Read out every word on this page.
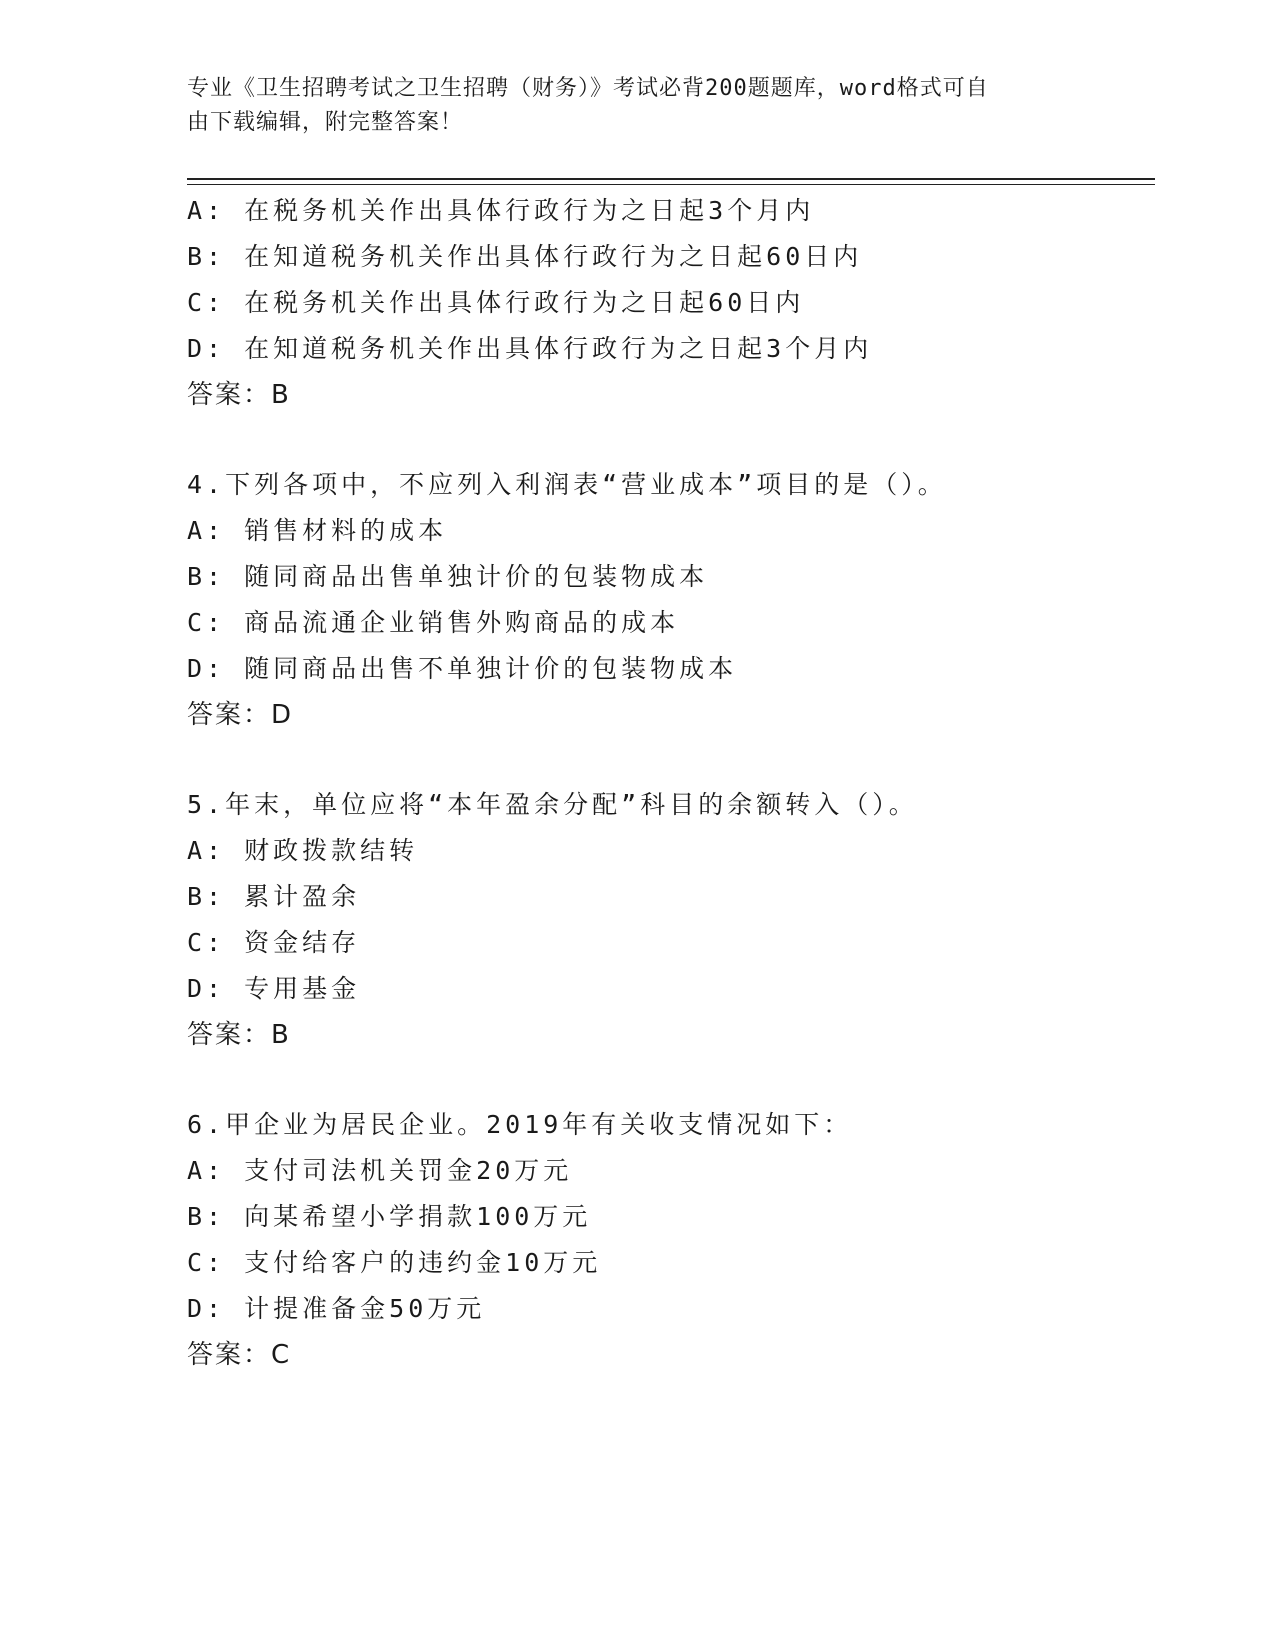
专业《卫生招聘考试之卫生招聘（财务）》考试必背200题题库，word格式可自
由下载编辑，附完整答案！
A: 在税务机关作出具体行政行为之日起3个月内
B: 在知道税务机关作出具体行政行为之日起60日内
C: 在税务机关作出具体行政行为之日起60日内
D: 在知道税务机关作出具体行政行为之日起3个月内
答案：B
4.下列各项中，不应列入利润表“营业成本”项目的是（）。
A: 销售材料的成本
B: 随同商品出售单独计价的包装物成本
C: 商品流通企业销售外购商品的成本
D: 随同商品出售不单独计价的包装物成本
答案：D
5.年末，单位应将“本年盈余分配”科目的余额转入（）。
A: 财政拨款结转
B: 累计盈余
C: 资金结存
D: 专用基金
答案：B
6.甲企业为居民企业。2019年有关收支情况如下：
A: 支付司法机关罚金20万元
B: 向某希望小学捐款100万元
C: 支付给客户的违约金10万元
D: 计提准备金50万元
答案：C
